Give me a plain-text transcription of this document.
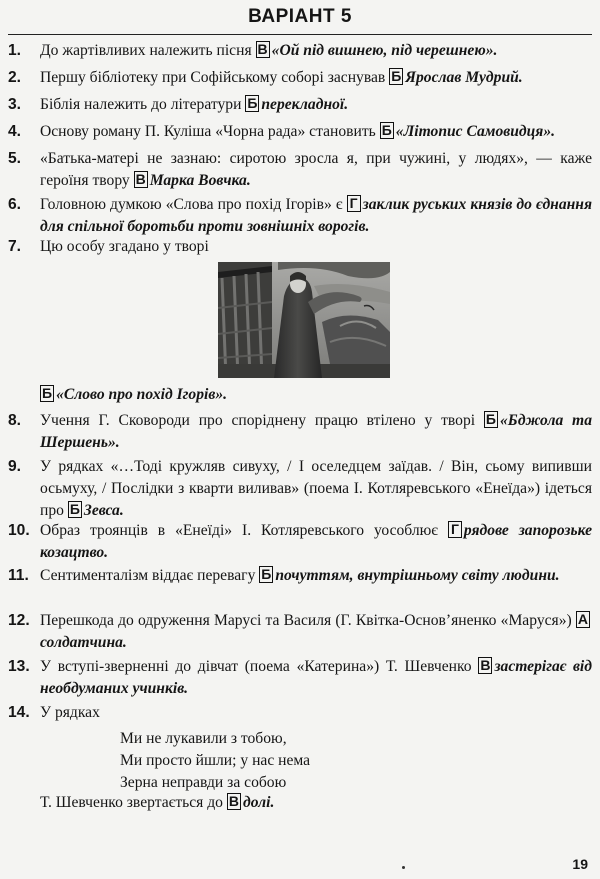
ВАРІАНТ 5
1. До жартівливих належить пісня В «Ой під вишнею, під черешнею».
2. Першу бібліотеку при Софійському соборі заснував Б Ярослав Мудрий.
3. Біблія належить до літератури Б перекладної.
4. Основу роману П. Куліша «Чорна рада» становить Б «Літопис Самовидця».
5. «Батька-матері не зазнаю: сиротою зросла я, при чужині, у людях», — каже героїня твору В Марка Вовчка.
6. Головною думкою «Слова про похід Ігорів» є Г заклик руських князів до єднання для спільної боротьби проти зовнішніх ворогів.
7. Цю особу згадано у творі
Б «Слово про похід Ігорів».
8. Учення Г. Сковороди про споріднену працю втілено у творі Б «Бджола та Шершень».
9. У рядках «…Тоді кружляв сивуху, / І оселедцем заїдав. / Він, сьому випивши осьмуху, / Послідки з кварти виливав» (поема І. Котляревського «Енеїда») ідеться про Б Зевса.
10. Образ троянців в «Енеїді» І. Котляревського уособлює Г рядове запорозьке козацтво.
11. Сентименталізм віддає перевагу Б почуттям, внутрішньому світу людини.
12. Перешкода до одруження Марусі та Василя (Г. Квітка-Основ’яненко «Маруся») Асолдатчина.
13. У вступі-зверненні до дівчат (поема «Катерина») Т. Шевченко В застерігає від необдуманих учинків.
14. У рядках
Ми не лукавили з тобою,
Ми просто йшли; у нас нема
Зерна неправди за собою
Т. Шевченко звертається до В долі.
19
